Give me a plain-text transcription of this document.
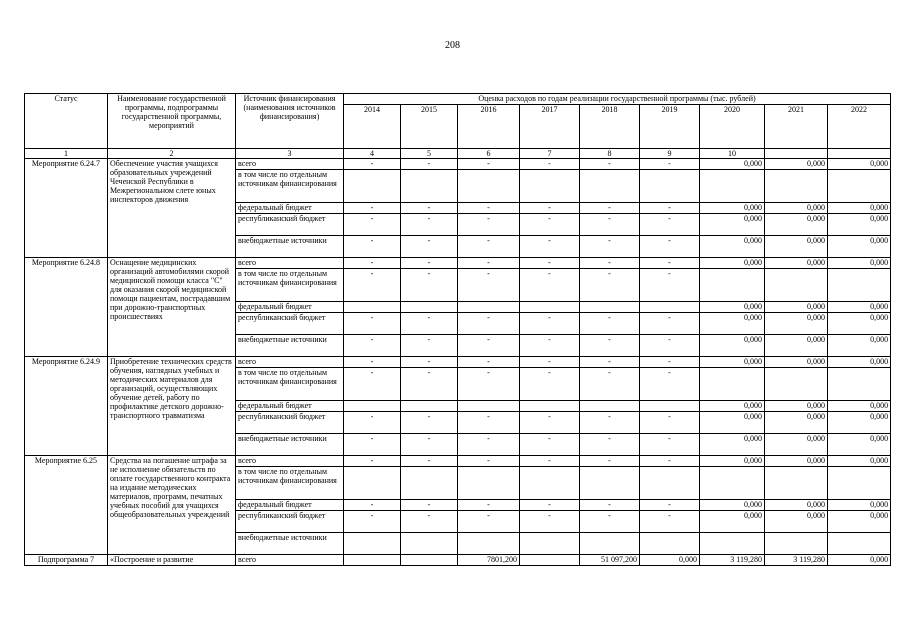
208
Статус	Наименование государственной программы, подпрограммы государственной программы, мероприятий	Источник финансирования (наименования источников финансирования)	Оценка расходов по годам реализации государственной программы (тыс. рублей)								
			2014	2015	2016	2017	2018	2019	2020	2021	2022
1	2	3	4	5	6	7	8	9	10		
Мероприятие 6.24.7	Обеспечение участия учащихся образовательных учреждений Чеченской Республики в Межрегиональном слете юных инспекторов движения	всего	-	-	-	-	-	-	0,000	0,000	0,000
		в том числе по отдельным источникам финансирования									
		федеральный бюджет	-	-	-	-	-	-	0,000	0,000	0,000
		республиканский бюджет	-	-	-	-	-	-	0,000	0,000	0,000
		внебюджетные источники	-	-	-	-	-	-	0,000	0,000	0,000
Мероприятие 6.24.8	Оснащение медицинских организаций автомобилями скорой медицинской помощи класса "С" для оказания скорой медицинской помощи пациентам, пострадавшим при дорожно-транспортных происшествиях	всего	-	-	-	-	-	-	0,000	0,000	0,000
		в том числе по отдельным источникам финансирования	-	-	-	-	-	-			
		федеральный бюджет							0,000	0,000	0,000
		республиканский бюджет	-	-	-	-	-	-	0,000	0,000	0,000
		внебюджетные источники	-	-	-	-	-	-	0,000	0,000	0,000
Мероприятие 6.24.9	Приобретение технических средств обучения, наглядных учебных и методических материалов для организаций, осуществляющих обучение детей, работу по профилактике детского дорожно-транспортного травматизма	всего	-	-	-	-	-	-	0,000	0,000	0,000
		в том числе по отдельным источникам финансирования	-	-	-	-	-	-			
		федеральный бюджет							0,000	0,000	0,000
		республиканский бюджет	-	-	-	-	-	-	0,000	0,000	0,000
		внебюджетные источники	-	-	-	-	-	-	0,000	0,000	0,000
Мероприятие 6.25	Средства на погашение штрафа за не исполнение обязательств по оплате государственного контракта на издание методических материалов, программ, печатных учебных пособий для учащихся общеобразовательных учреждений	всего	-	-	-	-	-	-	0,000	0,000	0,000
		в том числе по отдельным источникам финансирования									
		федеральный бюджет	-	-	-	-	-	-	0,000	0,000	0,000
		республиканский бюджет	-	-	-	-	-	-	0,000	0,000	0,000
		внебюджетные источники									
Подпрограмма 7	«Построение и развитие	всего			7801,200		51 097,200	0,000	3 119,280	3 119,280	0,000
